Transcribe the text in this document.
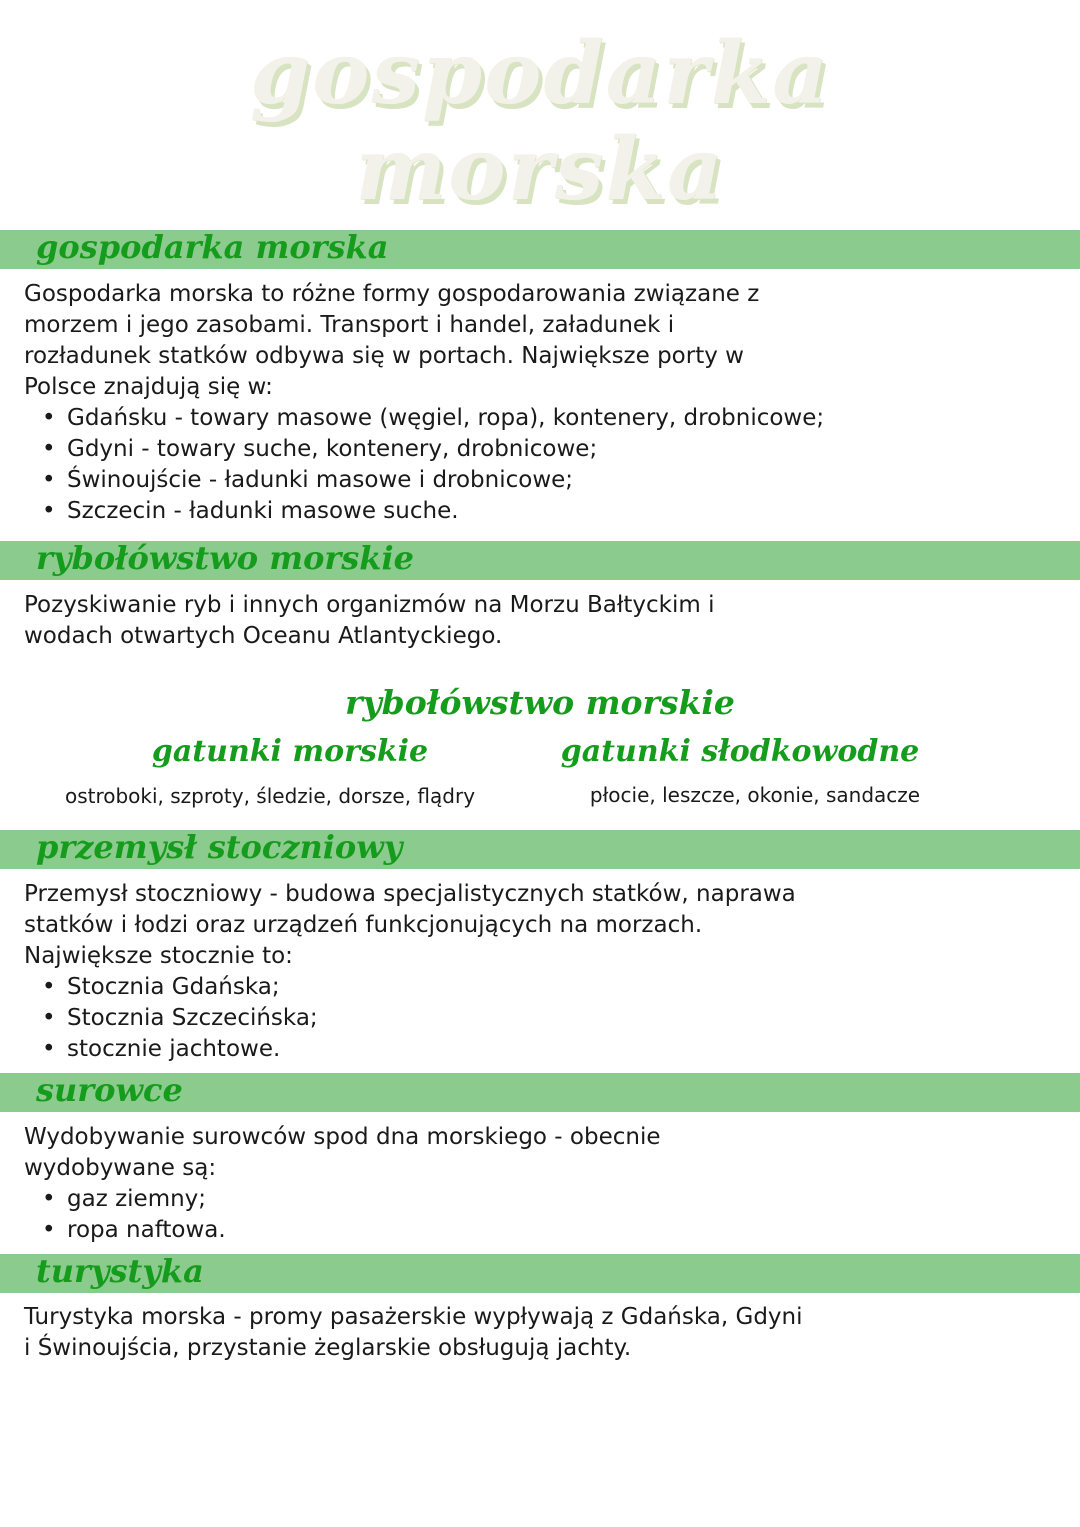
gospodarka
morska
gospodarka morska
Gospodarka morska to różne formy gospodarowania związane z
morzem i jego zasobami. Transport i handel, załadunek i
rozładunek statków odbywa się w portach. Największe porty w
Polsce znajdują się w:
• Gdańsku - towary masowe (węgiel, ropa), kontenery, drobnicowe;
• Gdyni - towary suche, kontenery, drobnicowe;
• Świnoujście - ładunki masowe i drobnicowe;
• Szczecin - ładunki masowe suche.
rybołówstwo morskie
Pozyskiwanie ryb i innych organizmów na Morzu Bałtyckim i
wodach otwartych Oceanu Atlantyckiego.
rybołówstwo morskie
gatunki morskie	gatunki słodkowodne
ostroboki, szproty, śledzie, dorsze, flądry	płocie, leszcze, okonie, sandacze
przemysł stoczniowy
Przemysł stoczniowy - budowa specjalistycznych statków, naprawa
statków i łodzi oraz urządzeń funkcjonujących na morzach.
Największe stocznie to:
• Stocznia Gdańska;
• Stocznia Szczecińska;
• stocznie jachtowe.
surowce
Wydobywanie surowców spod dna morskiego - obecnie
wydobywane są:
• gaz ziemny;
• ropa naftowa.
turystyka
Turystyka morska - promy pasażerskie wypływają z Gdańska, Gdyni
i Świnoujścia, przystanie żeglarskie obsługują jachty.
